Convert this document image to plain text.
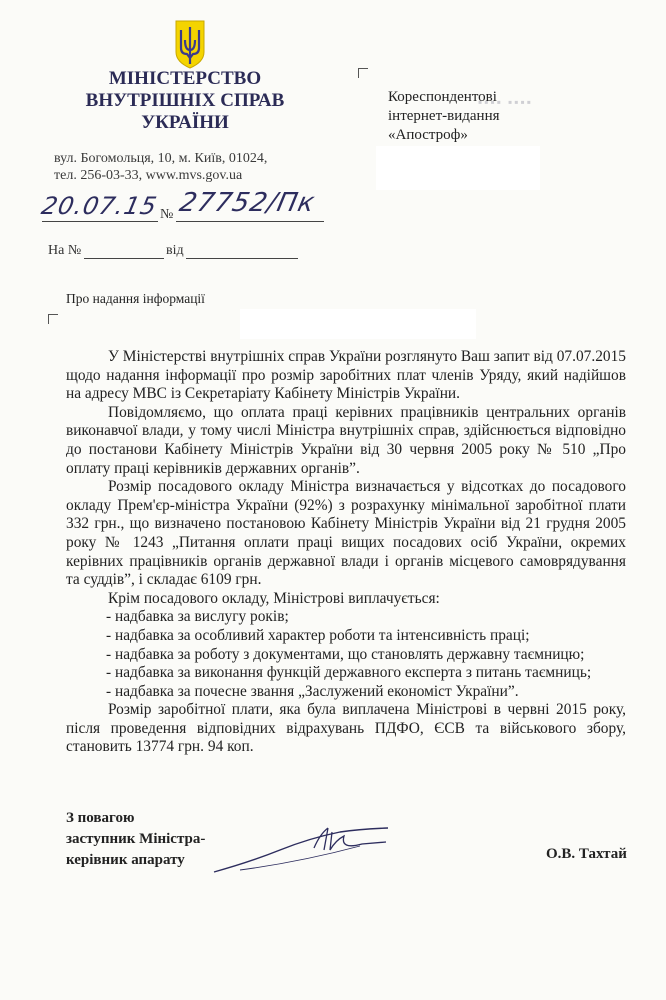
МІНІСТЕРСТВО
ВНУТРІШНІХ СПРАВ
УКРАЇНИ
вул. Богомольця, 10, м. Київ, 01024,
тел. 256-03-33, www.mvs.gov.ua
20.07.15 № 27752/Пк
На №	від
▪▪▪▪ ▪▪▪▪
Кореспондентові
інтернет-видання
«Апостроф»
Про надання інформації

У Міністерстві внутрішніх справ України розглянуто Ваш запит від 07.07.2015 щодо надання інформації про розмір заробітних плат членів Уряду, який надійшов на адресу МВС із Секретаріату Кабінету Міністрів України.

Повідомляємо, що оплата праці керівних працівників центральних органів виконавчої влади, у тому числі Міністра внутрішніх справ, здійснюється відповідно до постанови Кабінету Міністрів України від 30 червня 2005 року № 510 „Про оплату праці керівників державних органів”.

Розмір посадового окладу Міністра визначається у відсотках до посадового окладу Прем'єр-міністра України (92%) з розрахунку мінімальної заробітної плати 332 грн., що визначено постановою Кабінету Міністрів України від 21 грудня 2005 року № 1243 „Питання оплати праці вищих посадових осіб України, окремих керівних працівників органів державної влади і органів місцевого самоврядування та суддів”, і складає 6109 грн.

Крім посадового окладу, Міністрові виплачується:

- надбавка за вислугу років;

- надбавка за особливий характер роботи та інтенсивність праці;

- надбавка за роботу з документами, що становлять державну таємницю;

- надбавка за виконання функцій державного експерта з питань таємниць;

- надбавка за почесне звання „Заслужений економіст України”.

Розмір заробітної плати, яка була виплачена Міністрові в червні 2015 року, після проведення відповідних відрахувань ПДФО, ЄСВ та військового збору, становить 13774 грн. 94 коп.

З повагою
заступник Міністра-
керівник апарату	О.В. Тахтай
